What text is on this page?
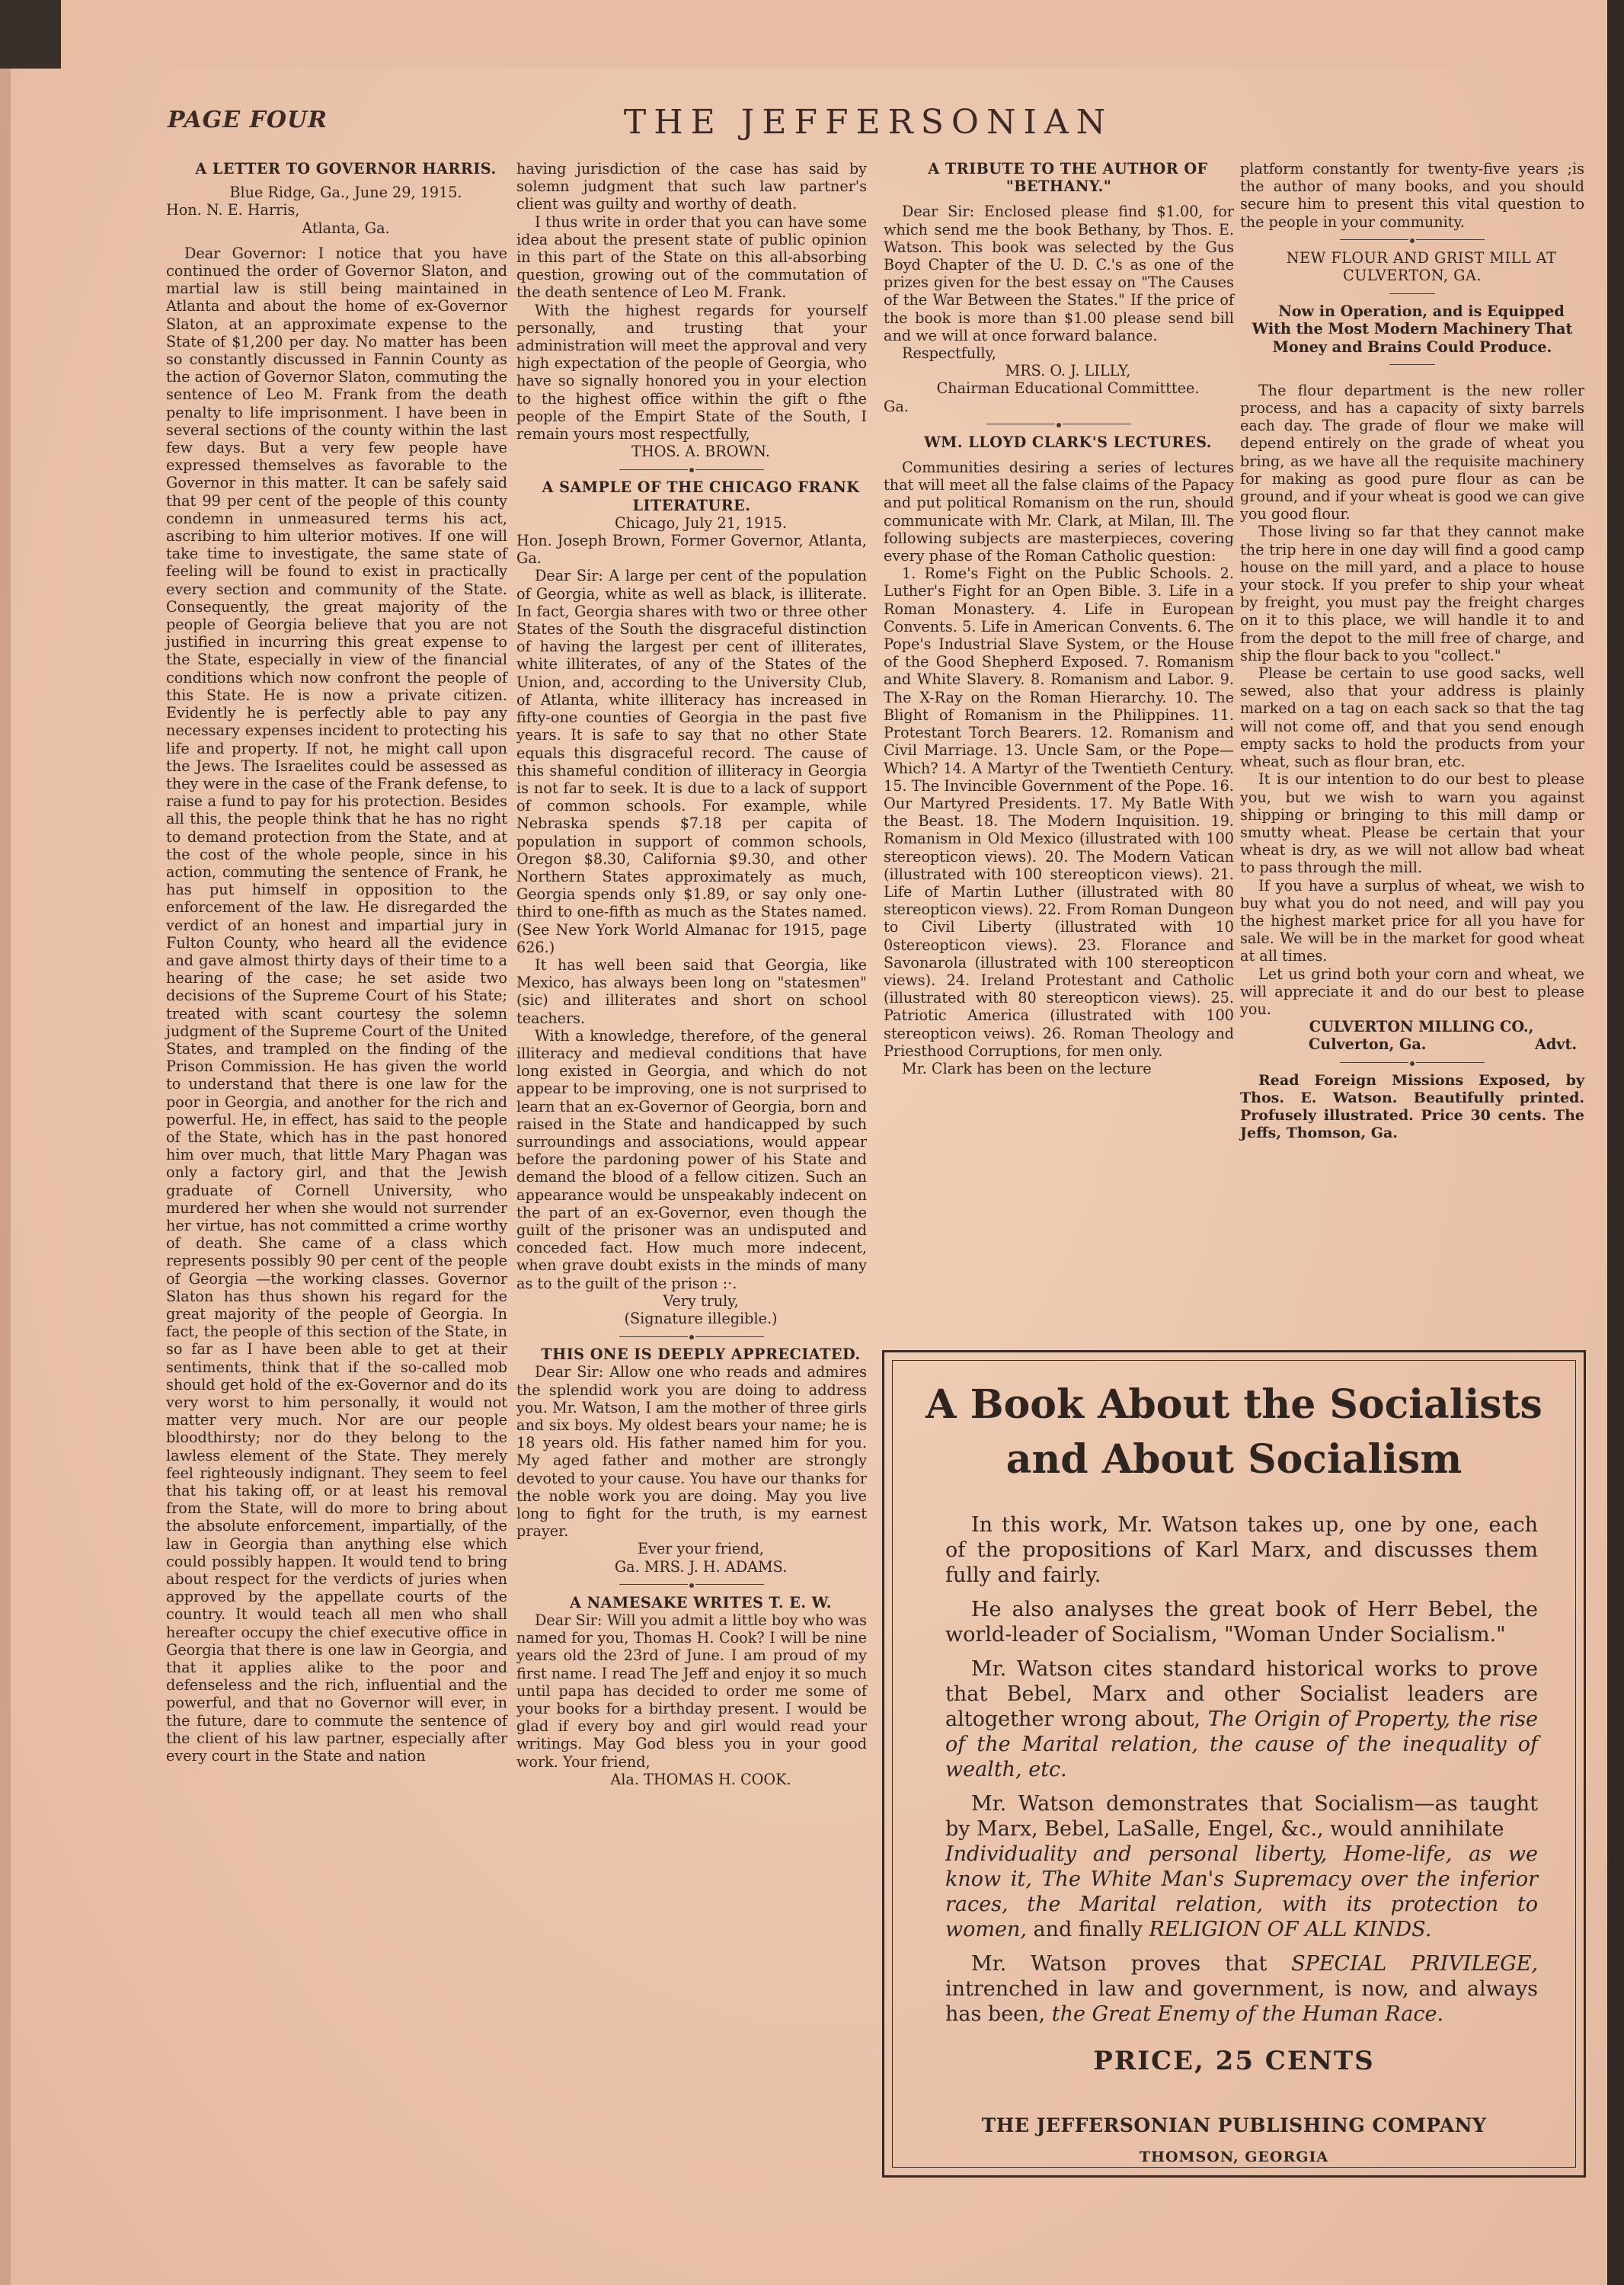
PAGE FOUR	THE JEFFERSONIAN

A LETTER TO GOVERNOR HARRIS.

Blue Ridge, Ga., June 29, 1915.

Hon. N. E. Harris,

Atlanta, Ga.

Dear Governor: I notice that you have continued the order of Governor Slaton, and martial law is still being maintained in Atlanta and about the home of ex-Governor Slaton, at an approximate expense to the State of $1,200 per day. No matter has been so constantly discussed in Fannin County as the action of Governor Slaton, commuting the sentence of Leo M. Frank from the death penalty to life imprisonment. I have been in several sections of the county within the last few days. But a very few people have expressed themselves as favorable to the Governor in this matter. It can be safely said that 99 per cent of the people of this county condemn in unmeasured terms his act, ascribing to him ulterior motives. If one will take time to investigate, the same state of feeling will be found to exist in practically every section and community of the State. Consequently, the great majority of the people of Georgia believe that you are not justified in incurring this great expense to the State, especially in view of the financial conditions which now confront the people of this State. He is now a private citizen. Evidently he is perfectly able to pay any necessary expenses incident to protecting his life and property. If not, he might call upon the Jews. The Israelites could be assessed as they were in the case of the Frank defense, to raise a fund to pay for his protection. Besides all this, the people think that he has no right to demand protection from the State, and at the cost of the whole people, since in his action, commuting the sentence of Frank, he has put himself in opposition to the enforcement of the law. He disregarded the verdict of an honest and impartial jury in Fulton County, who heard all the evidence and gave almost thirty days of their time to a hearing of the case; he set aside two decisions of the Supreme Court of his State; treated with scant courtesy the solemn judgment of the Supreme Court of the United States, and trampled on the finding of the Prison Commission. He has given the world to understand that there is one law for the poor in Georgia, and another for the rich and powerful. He, in effect, has said to the people of the State, which has in the past honored him over much, that little Mary Phagan was only a factory girl, and that the Jewish graduate of Cornell University, who murdered her when she would not surrender her virtue, has not committed a crime worthy of death. She came of a class which represents possibly 90 per cent of the people of Georgia —the working classes. Governor Slaton has thus shown his regard for the great majority of the people of Georgia. In fact, the people of this section of the State, in so far as I have been able to get at their sentiments, think that if the so-called mob should get hold of the ex-Governor and do its very worst to him personally, it would not matter very much. Nor are our people bloodthirsty; nor do they belong to the lawless element of the State. They merely feel righteously indignant. They seem to feel that his taking off, or at least his removal from the State, will do more to bring about the absolute enforcement, impartially, of the law in Georgia than anything else which could possibly happen. It would tend to bring about respect for the verdicts of juries when approved by the appellate courts of the country. It would teach all men who shall hereafter occupy the chief executive office in Georgia that there is one law in Georgia, and that it applies alike to the poor and defenseless and the rich, influential and the powerful, and that no Governor will ever, in the future, dare to commute the sentence of the client of his law partner, especially after every court in the State and nation

having jurisdiction of the case has said by solemn judgment that such law partner's client was guilty and worthy of death.

I thus write in order that you can have some idea about the present state of public opinion in this part of the State on this all-absorbing question, growing out of the commutation of the death sentence of Leo M. Frank.

With the highest regards for yourself personally, and trusting that your administration will meet the approval and very high expectation of the people of Georgia, who have so signally honored you in your election to the highest office within the gift o fthe people of the Empirt State of the South, I remain yours most respectfully,

THOS. A. BROWN.

A SAMPLE OF THE CHICAGO FRANK LITERATURE.

Chicago, July 21, 1915.

Hon. Joseph Brown, Former Governor, Atlanta, Ga.

Dear Sir: A large per cent of the population of Georgia, white as well as black, is illiterate. In fact, Georgia shares with two or three other States of the South the disgraceful distinction of having the largest per cent of illiterates, white illiterates, of any of the States of the Union, and, according to the University Club, of Atlanta, white illiteracy has increased in fifty-one counties of Georgia in the past five years. It is safe to say that no other State equals this disgraceful record. The cause of this shameful condition of illiteracy in Georgia is not far to seek. It is due to a lack of support of common schools. For example, while Nebraska spends $7.18 per capita of population in support of common schools, Oregon $8.30, California $9.30, and other Northern States approximately as much, Georgia spends only $1.89, or say only one-third to one-fifth as much as the States named. (See New York World Almanac for 1915, page 626.)

It has well been said that Georgia, like Mexico, has always been long on "statesmen" (sic) and illiterates and short on school teachers.

With a knowledge, therefore, of the general illiteracy and medieval conditions that have long existed in Georgia, and which do not appear to be improving, one is not surprised to learn that an ex-Governor of Georgia, born and raised in the State and handicapped by such surroundings and associations, would appear before the pardoning power of his State and demand the blood of a fellow citizen. Such an appearance would be unspeakably indecent on the part of an ex-Governor, even though the guilt of the prisoner was an undisputed and conceded fact. How much more indecent, when grave doubt exists in the minds of many as to the guilt of the prison :·.

Very truly,

(Signature illegible.)

THIS ONE IS DEEPLY APPRECIATED.

Dear Sir: Allow one who reads and admires the splendid work you are doing to address you. Mr. Watson, I am the mother of three girls and six boys. My oldest bears your name; he is 18 years old. His father named him for you. My aged father and mother are strongly devoted to your cause. You have our thanks for the noble work you are doing. May you live long to fight for the truth, is my earnest prayer.

Ever your friend,

Ga. MRS. J. H. ADAMS.

A NAMESAKE WRITES T. E. W.

Dear Sir: Will you admit a little boy who was named for you, Thomas H. Cook? I will be nine years old the 23rd of June. I am proud of my first name. I read The Jeff and enjoy it so much until papa has decided to order me some of your books for a birthday present. I would be glad if every boy and girl would read your writings. May God bless you in your good work. Your friend,

Ala. THOMAS H. COOK.

A TRIBUTE TO THE AUTHOR OF "BETHANY."

Dear Sir: Enclosed please find $1.00, for which send me the book Bethany, by Thos. E. Watson. This book was selected by the Gus Boyd Chapter of the U. D. C.'s as one of the prizes given for the best essay on "The Causes of the War Between the States." If the price of the book is more than $1.00 please send bill and we will at once forward balance.

Respectfully,

MRS. O. J. LILLY,

Chairman Educational Committtee.

Ga.

WM. LLOYD CLARK'S LECTURES.

Communities desiring a series of lectures that will meet all the false claims of the Papacy and put political Romanism on the run, should communicate with Mr. Clark, at Milan, Ill. The following subjects are masterpieces, covering every phase of the Roman Catholic question:

1. Rome's Fight on the Public Schools. 2. Luther's Fight for an Open Bible. 3. Life in a Roman Monastery. 4. Life in European Convents. 5. Life in American Convents. 6. The Pope's Industrial Slave System, or the House of the Good Shepherd Exposed. 7. Romanism and White Slavery. 8. Romanism and Labor. 9. The X-Ray on the Roman Hierarchy. 10. The Blight of Romanism in the Philippines. 11. Protestant Torch Bearers. 12. Romanism and Civil Marriage. 13. Uncle Sam, or the Pope—Which? 14. A Martyr of the Twentieth Century. 15. The Invincible Government of the Pope. 16. Our Martyred Presidents. 17. My Batle With the Beast. 18. The Modern Inquisition. 19. Romanism in Old Mexico (illustrated with 100 stereopticon views). 20. The Modern Vatican (illustrated with 100 stereopticon views). 21. Life of Martin Luther (illustrated with 80 stereopticon views). 22. From Roman Dungeon to Civil Liberty (illustrated with 10 0stereopticon views). 23. Florance and Savonarola (illustrated with 100 stereopticon views). 24. Ireland Protestant and Catholic (illustrated with 80 stereopticon views). 25. Patriotic America (illustrated with 100 stereopticon veiws). 26. Roman Theology and Priesthood Corruptions, for men only.

Mr. Clark has been on the lecture

platform constantly for twenty-five years ;is the author of many books, and you should secure him to present this vital question to the people in your community.

NEW FLOUR AND GRIST MILL AT CULVERTON, GA.

Now in Operation, and is Equipped With the Most Modern Machinery That Money and Brains Could Produce.

The flour department is the new roller process, and has a capacity of sixty barrels each day. The grade of flour we make will depend entirely on the grade of wheat you bring, as we have all the requisite machinery for making as good pure flour as can be ground, and if your wheat is good we can give you good flour.

Those living so far that they cannot make the trip here in one day will find a good camp house on the mill yard, and a place to house your stock. If you prefer to ship your wheat by freight, you must pay the freight charges on it to this place, we will handle it to and from the depot to the mill free of charge, and ship the flour back to you "collect."

Please be certain to use good sacks, well sewed, also that your address is plainly marked on a tag on each sack so that the tag will not come off, and that you send enough empty sacks to hold the products from your wheat, such as flour bran, etc.

It is our intention to do our best to please you, but we wish to warn you against shipping or bringing to this mill damp or smutty wheat. Please be certain that your wheat is dry, as we will not allow bad wheat to pass through the mill.

If you have a surplus of wheat, we wish to buy what you do not need, and will pay you the highest market price for all you have for sale. We will be in the market for good wheat at all times.

Let us grind both your corn and wheat, we will appreciate it and do our best to please you.

CULVERTON MILLING CO.,

Culverton, Ga.	Advt.

Read Foreign Missions Exposed, by Thos. E. Watson. Beautifully printed. Profusely illustrated. Price 30 cents. The Jeffs, Thomson, Ga.

A Book About the Socialists
and About Socialism

In this work, Mr. Watson takes up, one by one, each of the propositions of Karl Marx, and discusses them fully and fairly.

He also analyses the great book of Herr Bebel, the world-leader of Socialism, "Woman Under Socialism."

Mr. Watson cites standard historical works to prove that Bebel, Marx and other Socialist leaders are altogether wrong about, The Origin of Property, the rise of the Marital relation, the cause of the inequality of wealth, etc.

Mr. Watson demonstrates that Socialism—as taught by Marx, Bebel, LaSalle, Engel, &c., would annihilate
Individuality and personal liberty, Home-life, as we know it, The White Man's Supremacy over the inferior races, the Marital relation, with its protection to women, and finally RELIGION OF ALL KINDS.

Mr. Watson proves that SPECIAL PRIVILEGE, intrenched in law and government, is now, and always has been, the Great Enemy of the Human Race.

PRICE, 25 CENTS
THE JEFFERSONIAN PUBLISHING COMPANY
THOMSON, GEORGIA
